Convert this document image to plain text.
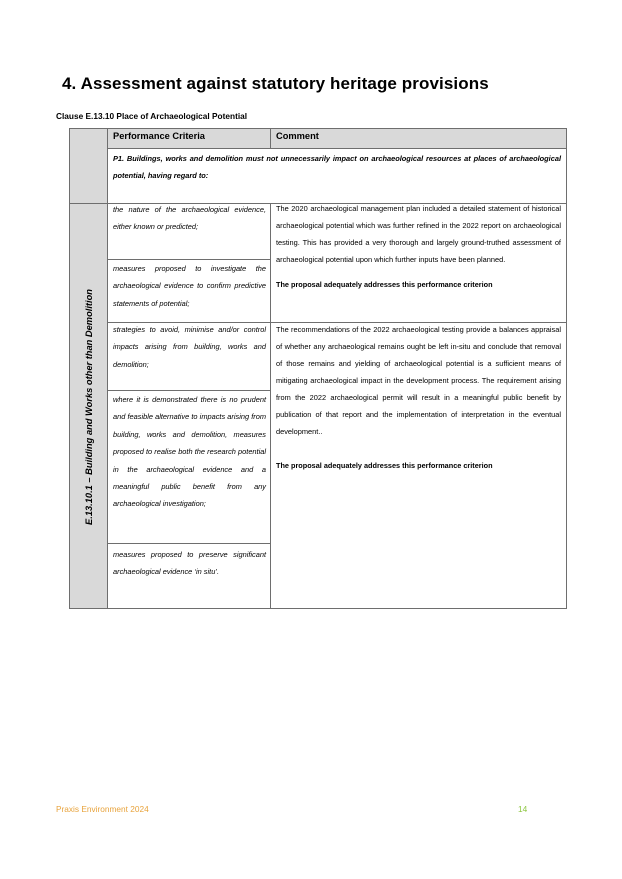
4. Assessment against statutory heritage provisions
Clause E.13.10 Place of Archaeological Potential
Performance Criteria	Comment
P1. Buildings, works and demolition must not unnecessarily impact on archaeological resources at places of archaeological potential, having regard to:
E.13.10.1 – Building and Works other than Demolition
the nature of the archaeological evidence, either known or predicted;
measures proposed to investigate the archaeological evidence to confirm predictive statements of potential;
strategies to avoid, minimise and/or control impacts arising from building, works and demolition;
where it is demonstrated there is no prudent and feasible alternative to impacts arising from building, works and demolition, measures proposed to realise both the research potential in the archaeological evidence and a meaningful public benefit from any archaeological investigation;
measures proposed to preserve significant archaeological evidence ‘in situ’.
The 2020 archaeological management plan included a detailed statement of historical archaeological potential which was further refined in the 2022 report on archaeological testing. This has provided a very thorough and largely ground-truthed assessment of archaeological potential upon which further inputs have been planned.
The proposal adequately addresses this performance criterion
The recommendations of the 2022 archaeological testing provide a balances appraisal of whether any archaeological remains ought be left in-situ and conclude that removal of those remains and yielding of archaeological potential is a sufficient means of mitigating archaeological impact in the development process. The requirement arising from the 2022 archaeological permit will result in a meaningful public benefit by publication of that report and the implementation of interpretation in the eventual development..
The proposal adequately addresses this performance criterion
Praxis Environment 2024	14
